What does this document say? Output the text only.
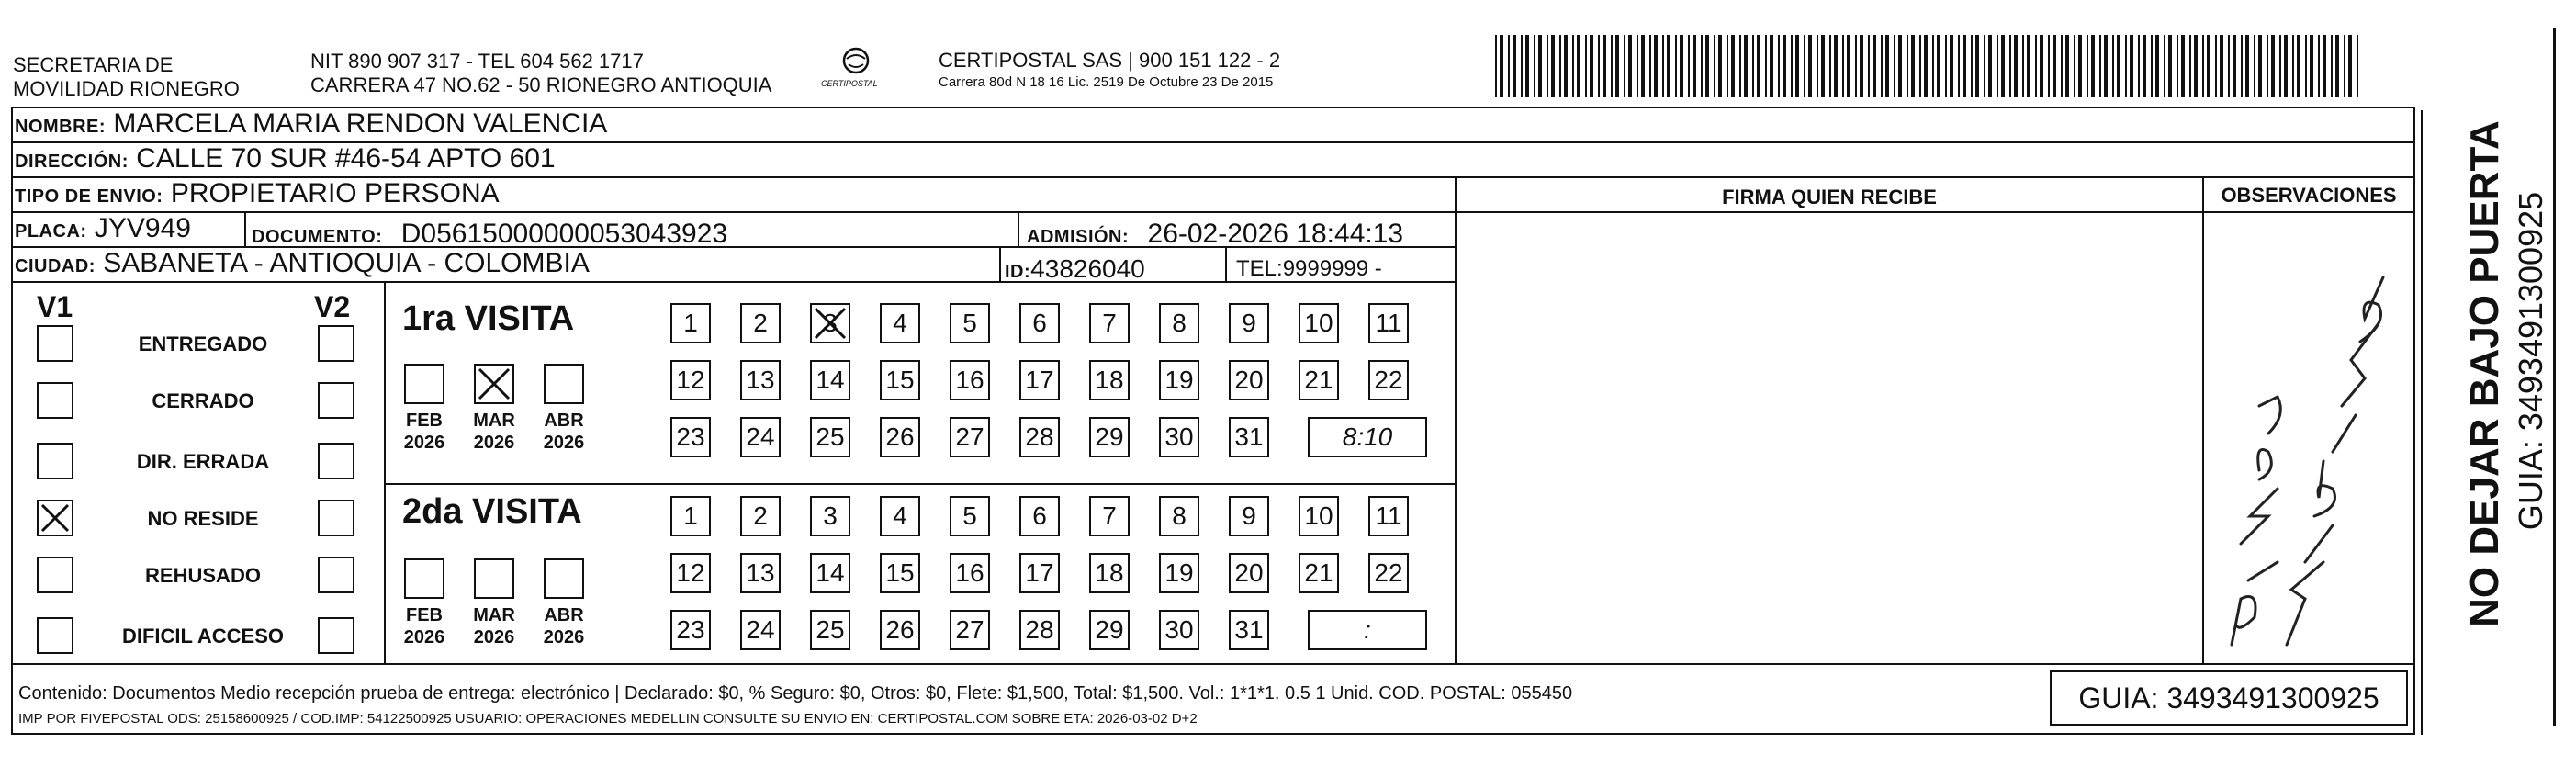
SECRETARIA DE
MOVILIDAD RIONEGRO
NIT 890 907 317 - TEL 604 562 1717
CARRERA 47 NO.62 - 50 RIONEGRO ANTIOQUIA	CERTIPOSTAL
CERTIPOSTAL SAS | 900 151 122 - 2
Carrera 80d N 18 16 Lic. 2519 De Octubre 23 De 2015
NOMBRE: MARCELA MARIA RENDON VALENCIA
DIRECCIÓN: CALLE 70 SUR #46-54 APTO 601
TIPO DE ENVIO: PROPIETARIO PERSONA
PLACA: JYV949	DOCUMENTO: D05615000000053043923	ADMISIÓN: 26-02-2026 18:44:13
CIUDAD: SABANETA - ANTIOQUIA - COLOMBIA	ID:43826040	TEL:9999999 -
FIRMA QUIEN RECIBE	OBSERVACIONES
V1	V2
ENTREGADO
CERRADO
DIR. ERRADA
NO RESIDE
REHUSADO
DIFICIL ACCESO
1ra VISITA
FEB
2026
MAR
2026
ABR
2026
1	2	3	4	5	6	7	8	9	10 11
12 13 14 15 16 17 18 19 20 21 22
23 24 25 26 27 28 29 30 31	8:10
2da VISITA
FEB
2026
MAR
2026
ABR
2026
1	2	3	4	5	6	7	8	9	10 11
12 13 14 15 16 17 18 19 20 21 22
23 24 25 26 27 28 29 30 31	:
Contenido: Documentos Medio recepción prueba de entrega: electrónico | Declarado: $0, % Seguro: $0, Otros: $0, Flete: $1,500, Total: $1,500. Vol.: 1*1*1. 0.5 1 Unid. COD. POSTAL: 055450
IMP POR FIVEPOSTAL ODS: 25158600925 / COD.IMP: 54122500925 USUARIO: OPERACIONES MEDELLIN CONSULTE SU ENVIO EN: CERTIPOSTAL.COM SOBRE ETA: 2026-03-02 D+2
GUIA: 3493491300925
NO DEJAR BAJO PUERTA GUIA: 3493491300925
